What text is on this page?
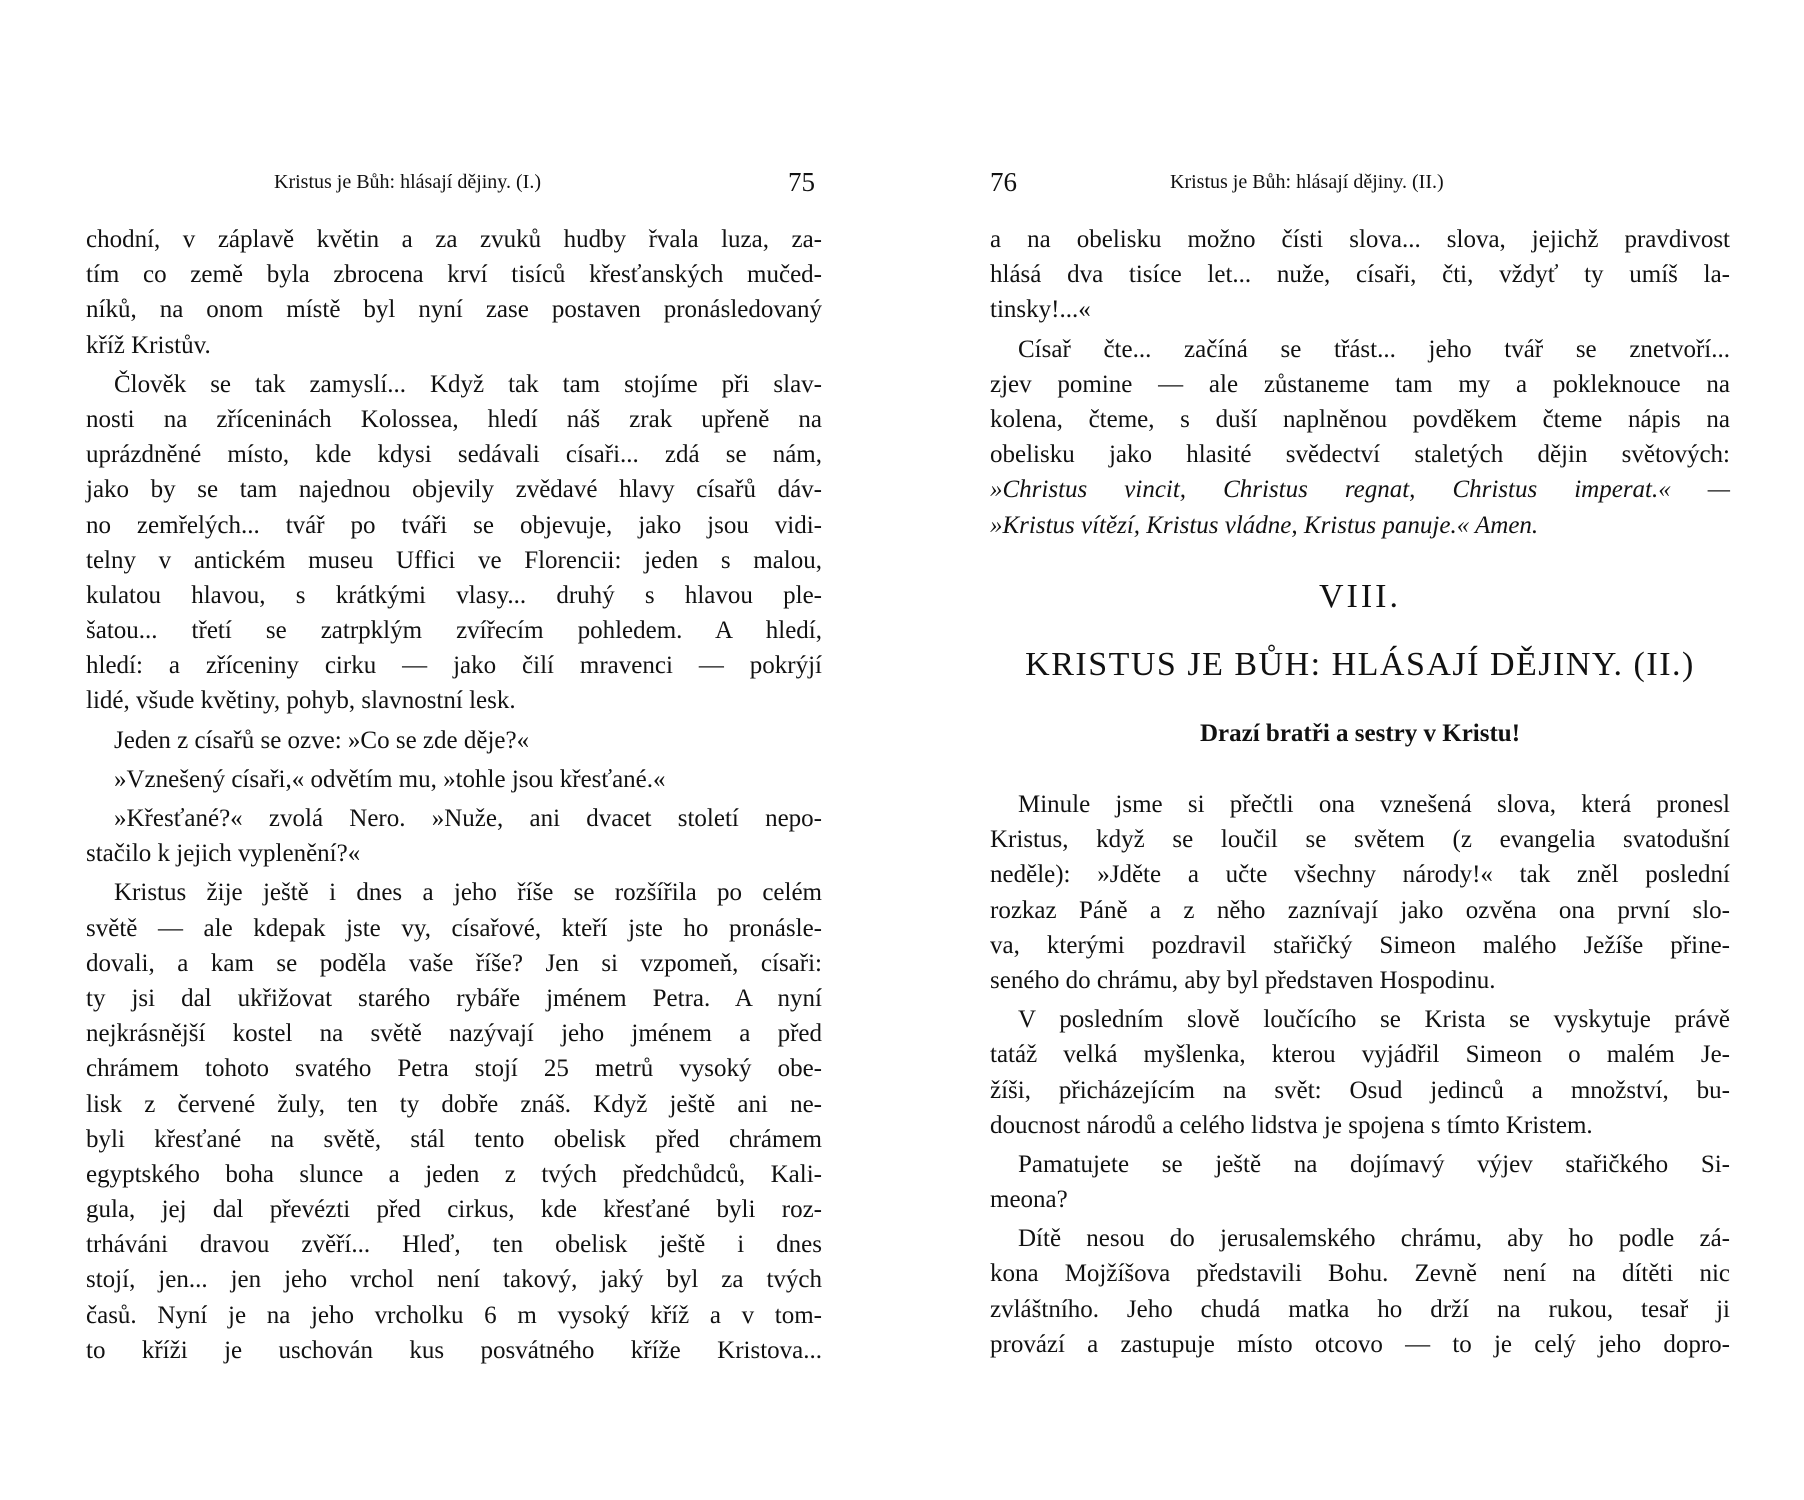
Kristus je Bůh: hlásají dějiny. (I.)	75
chodní, v záplavě květin a za zvuků hudby řvala luza, za-
tím co země byla zbrocena krví tisíců křesťanských mučed-
níků, na onom místě byl nyní zase postaven pronásledovaný
kříž Kristův.
Člověk se tak zamyslí... Když tak tam stojíme při slav-
nosti na zříceninách Kolossea, hledí náš zrak upřeně na
uprázdněné místo, kde kdysi sedávali císaři... zdá se nám,
jako by se tam najednou objevily zvědavé hlavy císařů dáv-
no zemřelých... tvář po tváři se objevuje, jako jsou vidi-
telny v antickém museu Uffici ve Florencii: jeden s malou,
kulatou hlavou, s krátkými vlasy... druhý s hlavou ple-
šatou... třetí se zatrpklým zvířecím pohledem. A hledí,
hledí: a zříceniny cirku — jako čilí mravenci — pokrýjí
lidé, všude květiny, pohyb, slavnostní lesk.
Jeden z císařů se ozve: »Co se zde děje?«
»Vznešený císaři,« odvětím mu, »tohle jsou křesťané.«
»Křesťané?« zvolá Nero. »Nuže, ani dvacet století nepo-
stačilo k jejich vyplenění?«
Kristus žije ještě i dnes a jeho říše se rozšířila po celém
světě — ale kdepak jste vy, císařové, kteří jste ho pronásle-
dovali, a kam se poděla vaše říše? Jen si vzpomeň, císaři:
ty jsi dal ukřižovat starého rybáře jménem Petra. A nyní
nejkrásnější kostel na světě nazývají jeho jménem a před
chrámem tohoto svatého Petra stojí 25 metrů vysoký obe-
lisk z červené žuly, ten ty dobře znáš. Když ještě ani ne-
byli křesťané na světě, stál tento obelisk před chrámem
egyptského boha slunce a jeden z tvých předchůdců, Kali-
gula, jej dal převézti před cirkus, kde křesťané byli roz-
trháváni dravou zvěří... Hleď, ten obelisk ještě i dnes
stojí, jen... jen jeho vrchol není takový, jaký byl za tvých
časů. Nyní je na jeho vrcholku 6 m vysoký kříž a v tom-
to kříži je uschován kus posvátného kříže Kristova...
76	Kristus je Bůh: hlásají dějiny. (II.)
a na obelisku možno čísti slova... slova, jejichž pravdivost
hlásá dva tisíce let... nuže, císaři, čti, vždyť ty umíš la-
tinsky!...«
Císař čte... začíná se třást... jeho tvář se znetvoří...
zjev pomine — ale zůstaneme tam my a pokleknouce na
kolena, čteme, s duší naplněnou povděkem čteme nápis na
obelisku jako hlasité svědectví staletých dějin světových:
»Christus vincit, Christus regnat, Christus imperat.« —
»Kristus vítězí, Kristus vládne, Kristus panuje.« Amen.
VIII.
KRISTUS JE BŮH: HLÁSAJÍ DĚJINY. (II.)
Drazí bratři a sestry v Kristu!
Minule jsme si přečtli ona vznešená slova, která pronesl
Kristus, když se loučil se světem (z evangelia svatodušní
neděle): »Jděte a učte všechny národy!« tak zněl poslední
rozkaz Páně a z něho zaznívají jako ozvěna ona první slo-
va, kterými pozdravil stařičký Simeon malého Ježíše přine-
seného do chrámu, aby byl představen Hospodinu.
V posledním slově loučícího se Krista se vyskytuje právě
tatáž velká myšlenka, kterou vyjádřil Simeon o malém Je-
žíši, přicházejícím na svět: Osud jedinců a množství, bu-
doucnost národů a celého lidstva je spojena s tímto Kristem.
Pamatujete se ještě na dojímavý výjev stařičkého Si-
meona?
Dítě nesou do jerusalemského chrámu, aby ho podle zá-
kona Mojžíšova představili Bohu. Zevně není na dítěti nic
zvláštního. Jeho chudá matka ho drží na rukou, tesař ji
provází a zastupuje místo otcovo — to je celý jeho dopro-
